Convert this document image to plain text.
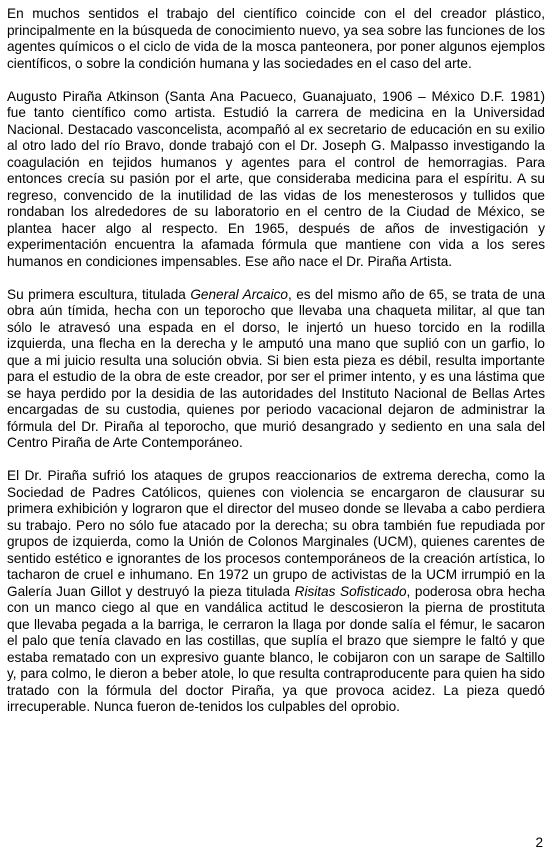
En muchos sentidos el trabajo del científico coincide con el del creador plástico, principalmente en la búsqueda de conocimiento nuevo, ya sea sobre las funciones de los agentes químicos o el ciclo de vida de la mosca panteonera, por poner algunos ejemplos científicos, o sobre la condición humana y las sociedades en el caso del arte.

Augusto Piraña Atkinson (Santa Ana Pacueco, Guanajuato, 1906 – México D.F. 1981) fue tanto científico como artista. Estudió la carrera de medicina en la Universidad Nacional. Destacado vasconcelista, acompañó al ex secretario de educación en su exilio al otro lado del río Bravo, donde trabajó con el Dr. Joseph G. Malpasso investigando la coagulación en tejidos humanos y agentes para el control de hemorragias. Para entonces crecía su pasión por el arte, que consideraba medicina para el espíritu. A su regreso, convencido de la inutilidad de las vidas de los menesterosos y tullidos que rondaban los alrededores de su laboratorio en el centro de la Ciudad de México, se plantea hacer algo al respecto. En 1965, después de años de investigación y experimentación encuentra la afamada fórmula que mantiene con vida a los seres humanos en condiciones impensables. Ese año nace el Dr. Piraña Artista.

Su primera escultura, titulada General Arcaico, es del mismo año de 65, se trata de una obra aún tímida, hecha con un teporocho que llevaba una chaqueta militar, al que tan sólo le atravesó una espada en el dorso, le injertó un hueso torcido en la rodilla izquierda, una flecha en la derecha y le amputó una mano que suplió con un garfio, lo que a mi juicio resulta una solución obvia. Si bien esta pieza es débil, resulta importante para el estudio de la obra de este creador, por ser el primer intento, y es una lástima que se haya perdido por la desidia de las autoridades del Instituto Nacional de Bellas Artes encargadas de su custodia, quienes por periodo vacacional dejaron de administrar la fórmula del Dr. Piraña al teporocho, que murió desangrado y sediento en una sala del Centro Piraña de Arte Contemporáneo.

El Dr. Piraña sufrió los ataques de grupos reaccionarios de extrema derecha, como la Sociedad de Padres Católicos, quienes con violencia se encargaron de clausurar su primera exhibición y lograron que el director del museo donde se llevaba a cabo perdiera su trabajo. Pero no sólo fue atacado por la derecha; su obra también fue repudiada por grupos de izquierda, como la Unión de Colonos Marginales (UCM), quienes carentes de sentido estético e ignorantes de los procesos contemporáneos de la creación artística, lo tacharon de cruel e inhumano. En 1972 un grupo de activistas de la UCM irrumpió en la Galería Juan Gillot y destruyó la pieza titulada Risitas Sofisticado, poderosa obra hecha con un manco ciego al que en vandálica actitud le descosieron la pierna de prostituta que llevaba pegada a la barriga, le cerraron la llaga por donde salía el fémur, le sacaron el palo que tenía clavado en las costillas, que suplía el brazo que siempre le faltó y que estaba rematado con un expresivo guante blanco, le cobijaron con un sarape de Saltillo y, para colmo, le dieron a beber atole, lo que resulta contraproducente para quien ha sido tratado con la fórmula del doctor Piraña, ya que provoca acidez. La pieza quedó irrecuperable. Nunca fueron de-tenidos los culpables del oprobio.

2
